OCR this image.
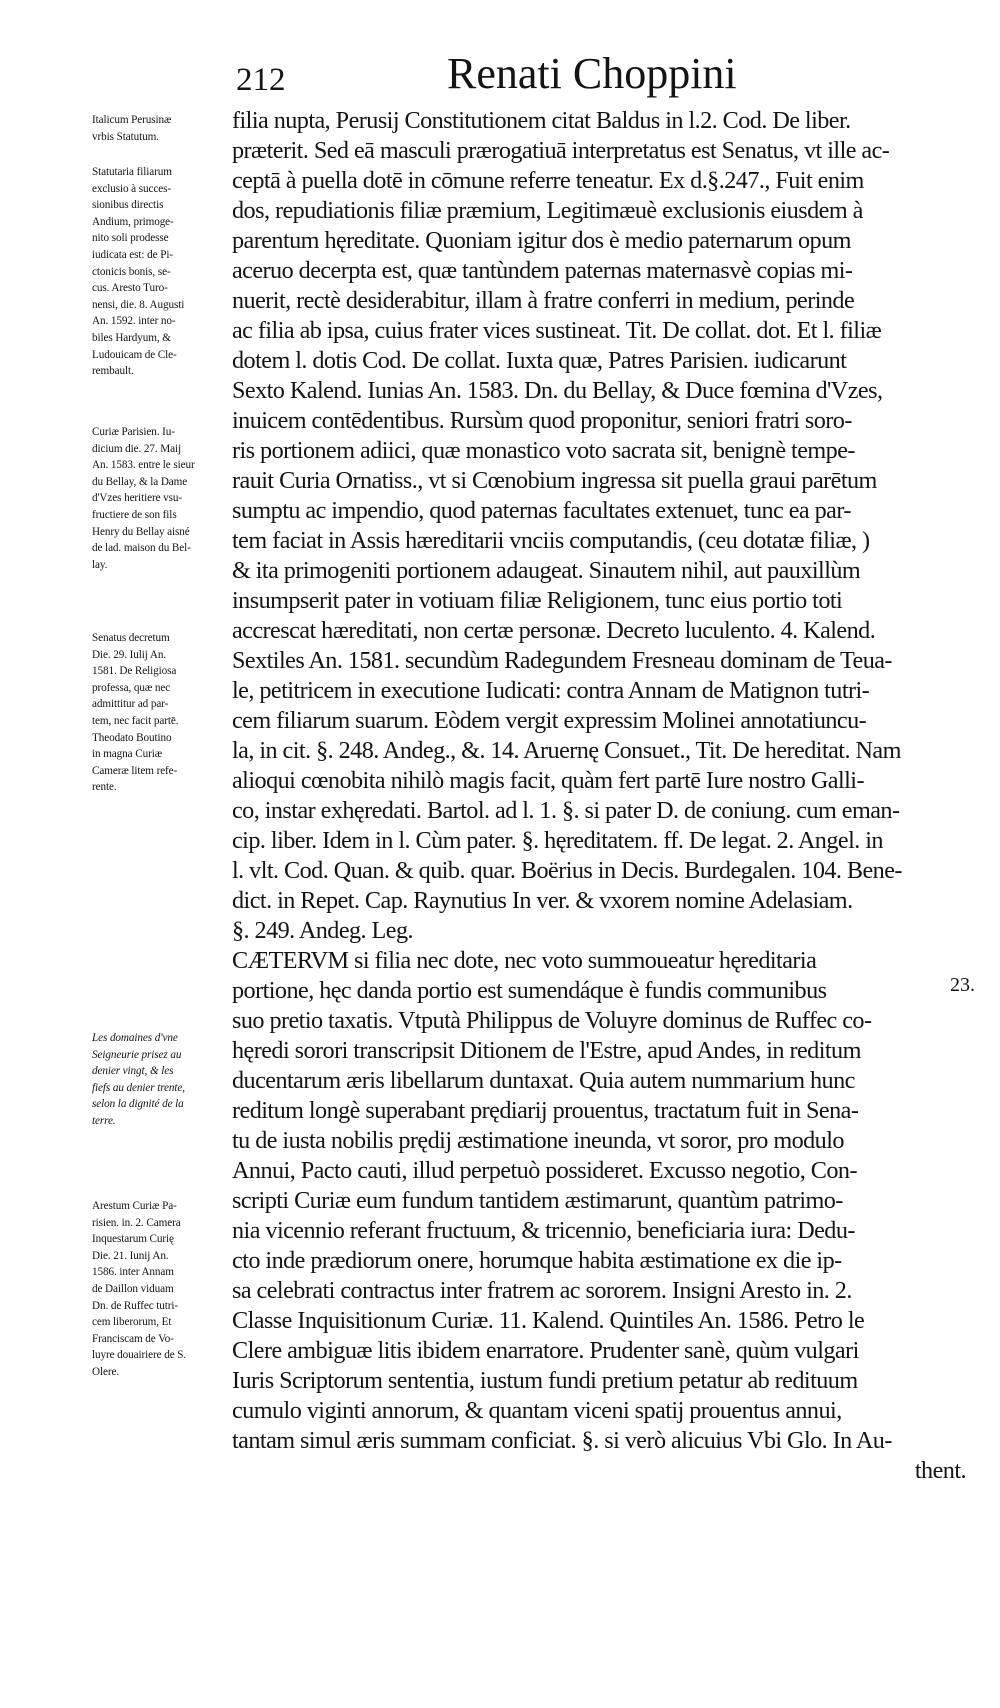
212	Renati Choppini
Italicum Perusinæ
vrbis Statutum.
Statutaria filiarum
exclusio à succes-
sionibus directis
Andium, primoge-
nito soli prodesse
iudicata est: de Pi-
ctonicis bonis, se-
cus. Aresto Turo-
nensi, die. 8. Augusti
An. 1592. inter no-
biles Hardyum, &
Ludouicam de Cle-
rembault.
Curiæ Parisien. Iu-
dicium die. 27. Maij
An. 1583. entre le sieur
du Bellay, & la Dame
d'Vzes heritiere vsu-
fructiere de son fils
Henry du Bellay aisné
de lad. maison du Bel-
lay.
Senatus decretum
Die. 29. Iulij An.
1581. De Religiosa
professa, quæ nec
admittitur ad par-
tem, nec facit partē.
Theodato Boutino
in magna Curiæ
Cameræ litem refe-
rente.
Les domaines d'vne
Seigneurie prisez au
denier vingt, & les
fiefs au denier trente,
selon la dignité de la
terre.
Arestum Curiæ Pa-
risien. in. 2. Camera
Inquestarum Curię
Die. 21. Iunij An.
1586. inter Annam
de Daillon viduam
Dn. de Ruffec tutri-
cem liberorum, Et
Franciscam de Vo-
luyre douairiere de S.
Olere.
filia nupta, Perusij Constitutionem citat Baldus in l.2. Cod. De liber.
præterit. Sed eā masculi prærogatiuā interpretatus est Senatus, vt ille ac-
ceptā à puella dotē in cōmune referre teneatur. Ex d.§.247., Fuit enim
dos, repudiationis filiæ præmium, Legitimæuè exclusionis eiusdem à
parentum hęreditate. Quoniam igitur dos è medio paternarum opum
aceruo decerpta est, quæ tantùndem paternas maternasvè copias mi-
nuerit, rectè desiderabitur, illam à fratre conferri in medium, perinde
ac filia ab ipsa, cuius frater vices sustineat. Tit. De collat. dot. Et l. filiæ
dotem l. dotis Cod. De collat. Iuxta quæ, Patres Parisien. iudicarunt
Sexto Kalend. Iunias An. 1583. Dn. du Bellay, & Duce fœmina d'Vzes,
inuicem contēdentibus. Rursùm quod proponitur, seniori fratri soro-
ris portionem adiici, quæ monastico voto sacrata sit, benignè tempe-
rauit Curia Ornatiss., vt si Cœnobium ingressa sit puella graui parētum
sumptu ac impendio, quod paternas facultates extenuet, tunc ea par-
tem faciat in Assis hæreditarii vnciis computandis, (ceu dotatæ filiæ, )
& ita primogeniti portionem adaugeat. Sinautem nihil, aut pauxillùm
insumpserit pater in votiuam filiæ Religionem, tunc eius portio toti
accrescat hæreditati, non certæ personæ. Decreto luculento. 4. Kalend.
Sextiles An. 1581. secundùm Radegundem Fresneau dominam de Teua-
le, petitricem in executione Iudicati: contra Annam de Matignon tutri-
cem filiarum suarum. Eòdem vergit expressim Molinei annotatiuncu-
la, in cit. §. 248. Andeg., &. 14. Aruernę Consuet., Tit. De hereditat. Nam
alioqui cœnobita nihilò magis facit, quàm fert partē Iure nostro Galli-
co, instar exhęredati. Bartol. ad l. 1. §. si pater D. de coniung. cum eman-
cip. liber. Idem in l. Cùm pater. §. hęreditatem. ff. De legat. 2. Angel. in
l. vlt. Cod. Quan. & quib. quar. Boërius in Decis. Burdegalen. 104. Bene-
dict. in Repet. Cap. Raynutius In ver. & vxorem nomine Adelasiam.
§. 249. Andeg. Leg.
CÆTERVM si filia nec dote, nec voto summoueatur hęreditaria
portione, hęc danda portio est sumendáque è fundis communibus
suo pretio taxatis. Vtputà Philippus de Voluyre dominus de Ruffec co-
hęredi sorori transcripsit Ditionem de l'Estre, apud Andes, in reditum
ducentarum æris libellarum duntaxat. Quia autem nummarium hunc
reditum longè superabant prędiarij prouentus, tractatum fuit in Sena-
tu de iusta nobilis prędij æstimatione ineunda, vt soror, pro modulo
Annui, Pacto cauti, illud perpetuò possideret. Excusso negotio, Con-
scripti Curiæ eum fundum tantidem æstimarunt, quantùm patrimo-
nia vicennio referant fructuum, & tricennio, beneficiaria iura: Dedu-
cto inde prædiorum onere, horumque habita æstimatione ex die ip-
sa celebrati contractus inter fratrem ac sororem. Insigni Aresto in. 2.
Classe Inquisitionum Curiæ. 11. Kalend. Quintiles An. 1586. Petro le
Clere ambiguæ litis ibidem enarratore. Prudenter sanè, quùm vulgari
Iuris Scriptorum sententia, iustum fundi pretium petatur ab redituum
cumulo viginti annorum, & quantam viceni spatij prouentus annui,
tantam simul æris summam conficiat. §. si verò alicuius Vbi Glo. In Au-
thent.
23.
